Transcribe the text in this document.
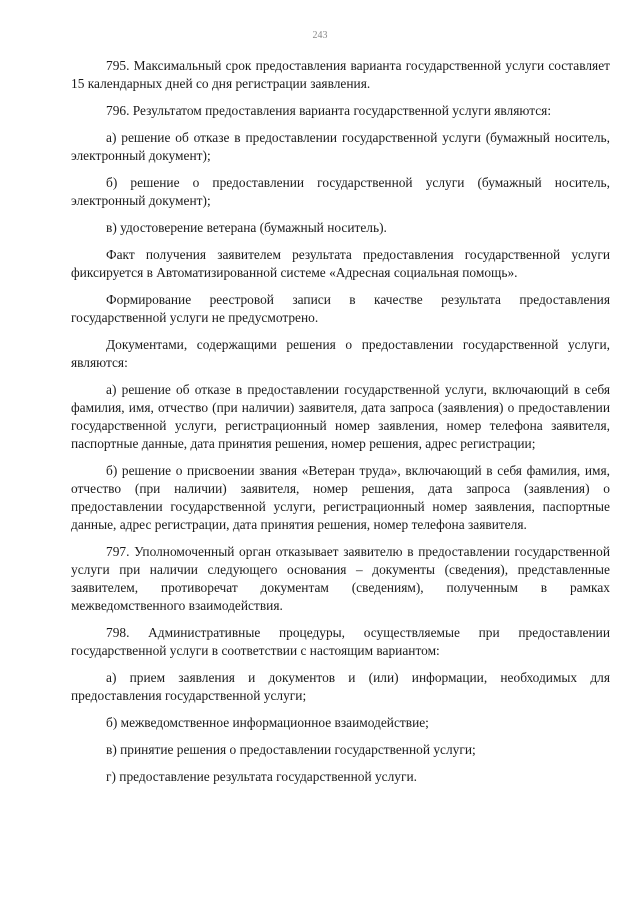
243

795. Максимальный срок предоставления варианта государственной услуги составляет 15 календарных дней со дня регистрации заявления.

796. Результатом предоставления варианта государственной услуги являются:

а) решение об отказе в предоставлении государственной услуги (бумажный носитель, электронный документ);

б) решение о предоставлении государственной услуги (бумажный носитель, электронный документ);

в) удостоверение ветерана (бумажный носитель).

Факт получения заявителем результата предоставления государственной услуги фиксируется в Автоматизированной системе «Адресная социальная помощь».

Формирование реестровой записи в качестве результата предоставления государственной услуги не предусмотрено.

Документами, содержащими решения о предоставлении государственной услуги, являются:

а) решение об отказе в предоставлении государственной услуги, включающий в себя фамилия, имя, отчество (при наличии) заявителя, дата запроса (заявления) о предоставлении государственной услуги, регистрационный номер заявления, номер телефона заявителя, паспортные данные, дата принятия решения, номер решения, адрес регистрации;

б) решение о присвоении звания «Ветеран труда», включающий в себя фамилия, имя, отчество (при наличии) заявителя, номер решения, дата запроса (заявления) о предоставлении государственной услуги, регистрационный номер заявления, паспортные данные, адрес регистрации, дата принятия решения, номер телефона заявителя.

797. Уполномоченный орган отказывает заявителю в предоставлении государственной услуги при наличии следующего основания – документы (сведения), представленные заявителем, противоречат документам (сведениям), полученным в рамках межведомственного взаимодействия.

798. Административные процедуры, осуществляемые при предоставлении государственной услуги в соответствии с настоящим вариантом:

а) прием заявления и документов и (или) информации, необходимых для предоставления государственной услуги;

б) межведомственное информационное взаимодействие;

в) принятие решения о предоставлении государственной услуги;

г) предоставление результата государственной услуги.
